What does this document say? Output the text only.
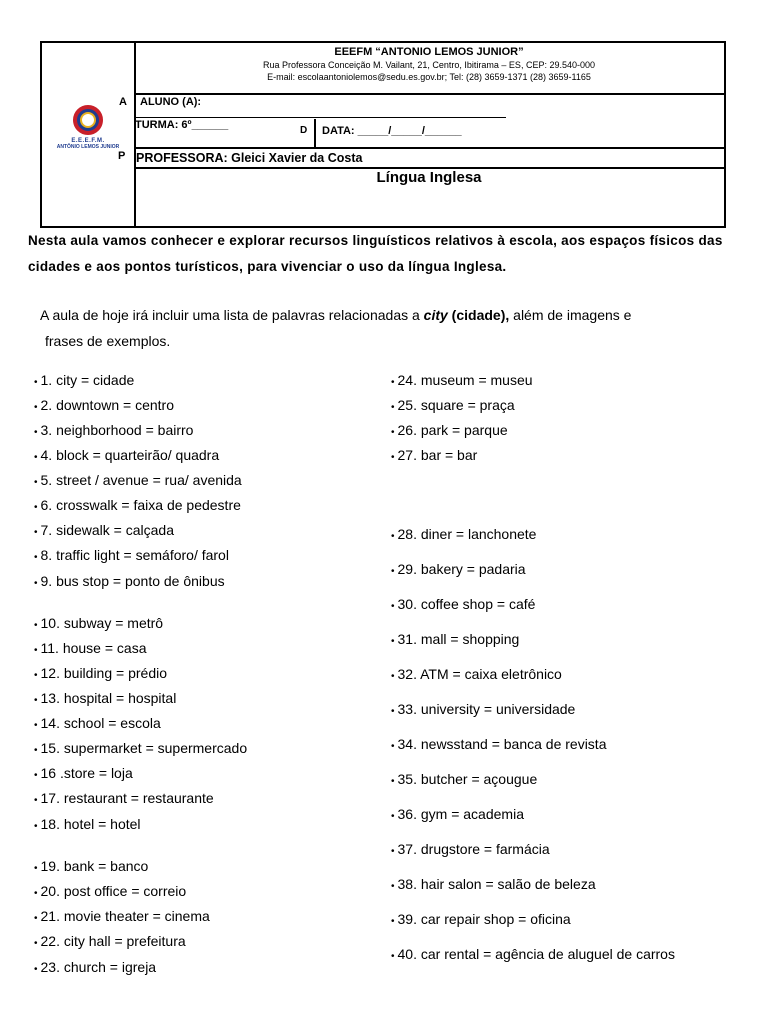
E.E.E.F.M.
ANTÔNIO LEMOS JUNIOR
A
P
EEEFM “ANTONIO LEMOS JUNIOR”
Rua Professora Conceição M. Vailant, 21, Centro, Ibitirama – ES, CEP: 29.540-000
E-mail: escolaantoniolemos@sedu.es.gov.br; Tel: (28) 3659-1371 (28) 3659-1165
ALUNO (A):
TURMA: 6º______	D DATA: _____/_____/______
PROFESSORA: Gleici Xavier da Costa
Língua Inglesa
Nesta aula vamos conhecer e explorar recursos linguísticos relativos à escola, aos espaços físicos das cidades e aos pontos turísticos, para vivenciar o uso da língua Inglesa.
A aula de hoje irá incluir uma lista de palavras relacionadas a city (cidade), além de imagens e
frases de exemplos.
• 1. city = cidade
• 2. downtown = centro
• 3. neighborhood = bairro
• 4. block = quarteirão/ quadra
• 5. street / avenue = rua/ avenida
• 6. crosswalk = faixa de pedestre
• 7. sidewalk = calçada
• 8. traffic light = semáforo/ farol
• 9. bus stop = ponto de ônibus
• 10. subway = metrô
• 11. house = casa
• 12. building = prédio
• 13. hospital = hospital
• 14. school = escola
• 15. supermarket = supermercado
• 16 .store = loja
• 17. restaurant = restaurante
• 18. hotel = hotel
• 19. bank = banco
• 20. post office = correio
• 21. movie theater = cinema
• 22. city hall = prefeitura
• 23. church = igreja
• 24. museum = museu
• 25. square = praça
• 26. park = parque
• 27. bar = bar
• 28. diner = lanchonete
• 29. bakery = padaria
• 30. coffee shop = café
• 31. mall = shopping
• 32. ATM = caixa eletrônico
• 33. university = universidade
• 34. newsstand = banca de revista
• 35. butcher = açougue
• 36. gym = academia
• 37. drugstore = farmácia
• 38. hair salon = salão de beleza
• 39. car repair shop = oficina
• 40. car rental = agência de aluguel de carros
